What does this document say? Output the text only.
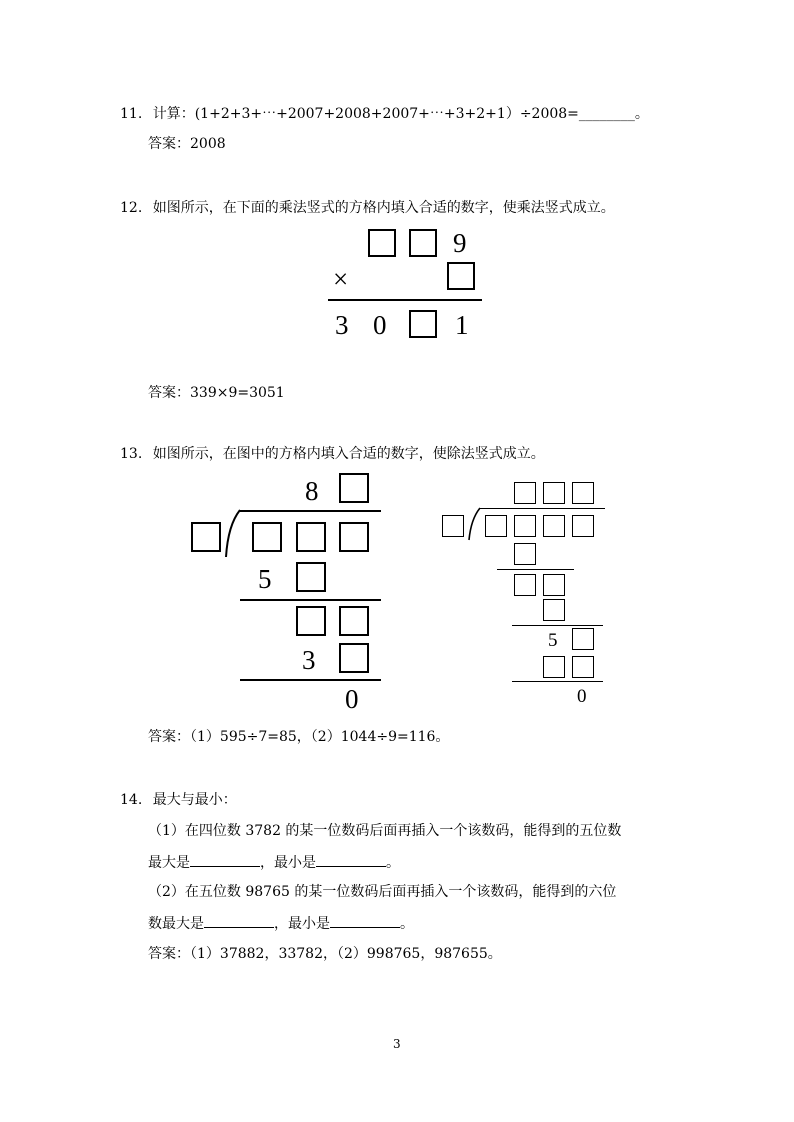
11. 计算：(1+2+3+⋯+2007+2008+2007+⋯+3+2+1）÷2008=________。
答案：2008
12. 如图所示，在下面的乘法竖式的方格内填入合适的数字，使乘法竖式成立。
9
×
3 0	1
答案：339×9=3051
13. 如图所示，在图中的方格内填入合适的数字，使除法竖式成立。
8
5
3
0
5
0
答案：（1）595÷7=85，（2）1044÷9=116。
14. 最大与最小：
（1）在四位数 3782 的某一位数码后面再插入一个该数码，能得到的五位数
最大是	，最小是	。
（2）在五位数 98765 的某一位数码后面再插入一个该数码，能得到的六位
数最大是	，最小是	。
答案：（1）37882，33782，（2）998765，987655。
3
